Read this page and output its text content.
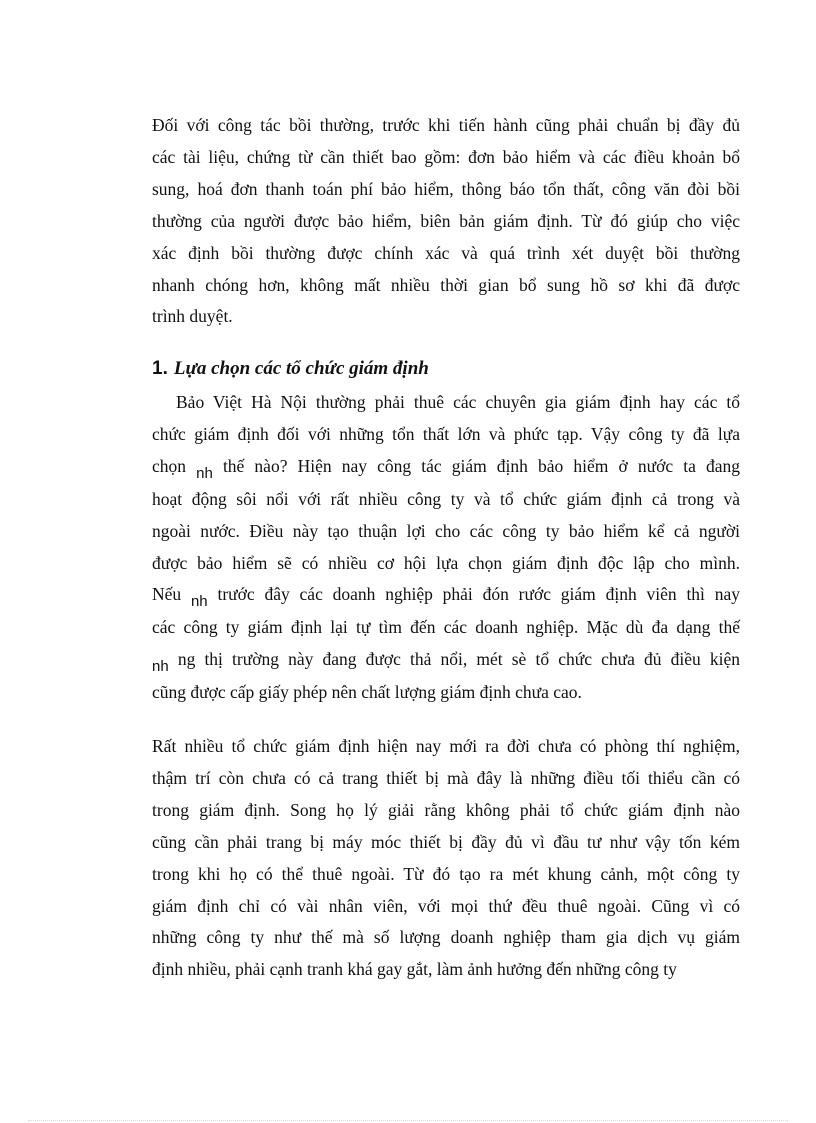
Đối với công tác bồi thường, trước khi tiến hành cũng phải chuẩn bị đầy đủ
các tài liệu, chứng từ cần thiết bao gồm: đơn bảo hiểm và các điều khoản bổ
sung, hoá đơn thanh toán phí bảo hiểm, thông báo tổn thất, công văn đòi bồi
thường của người được bảo hiểm, biên bản giám định. Từ đó giúp cho việc
xác định bồi thường được chính xác và quá trình xét duyệt bồi thường
nhanh chóng hơn, không mất nhiều thời gian bổ sung hồ sơ khi đã được
trình duyệt.
1. Lựa chọn các tổ chức giám định
Bảo Việt Hà Nội thường phải thuê các chuyên gia giám định hay các tổ
chức giám định đối với những tổn thất lớn và phức tạp. Vậy công ty đã lựa
chọn nh thế nào? Hiện nay công tác giám định bảo hiểm ở nước ta đang
hoạt động sôi nổi với rất nhiều công ty và tổ chức giám định cả trong và
ngoài nước. Điều này tạo thuận lợi cho các công ty bảo hiểm kể cả người
được bảo hiểm sẽ có nhiều cơ hội lựa chọn giám định độc lập cho mình.
Nếu nh trước đây các doanh nghiệp phải đón rước giám định viên thì nay
các công ty giám định lại tự tìm đến các doanh nghiệp. Mặc dù đa dạng thế
nh ng thị trường này đang được thả nổi, mét sè tổ chức chưa đủ điều kiện
cũng được cấp giấy phép nên chất lượng giám định chưa cao.
Rất nhiều tổ chức giám định hiện nay mới ra đời chưa có phòng thí nghiệm,
thậm trí còn chưa có cả trang thiết bị mà đây là những điều tối thiểu cần có
trong giám định. Song họ lý giải rằng không phải tổ chức giám định nào
cũng cần phải trang bị máy móc thiết bị đầy đủ vì đầu tư như vậy tốn kém
trong khi họ có thể thuê ngoài. Từ đó tạo ra mét khung cảnh, một công ty
giám định chỉ có vài nhân viên, với mọi thứ đều thuê ngoài. Cũng vì có
những công ty như thế mà số lượng doanh nghiệp tham gia dịch vụ giám
định nhiều, phải cạnh tranh khá gay gắt, làm ảnh hưởng đến những công ty
